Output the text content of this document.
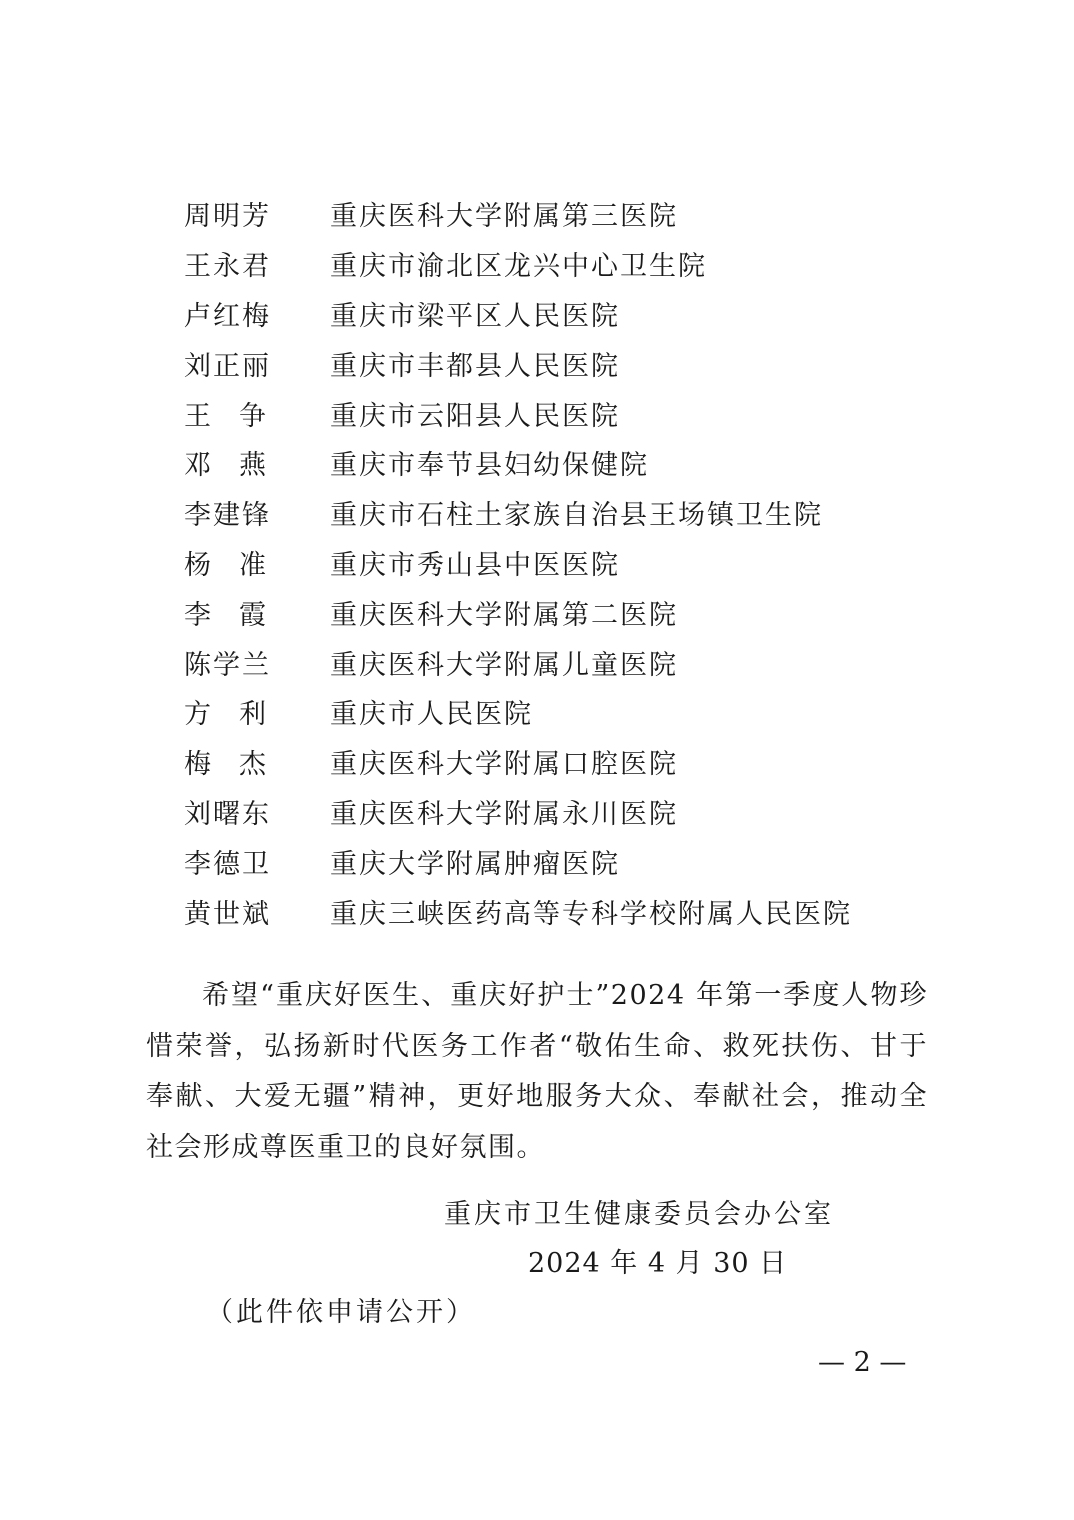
周明芳	重庆医科大学附属第三医院
王永君	重庆市渝北区龙兴中心卫生院
卢红梅	重庆市梁平区人民医院
刘正丽	重庆市丰都县人民医院
王 争 重庆市云阳县人民医院
邓 燕 重庆市奉节县妇幼保健院
李建锋	重庆市石柱土家族自治县王场镇卫生院
杨 准 重庆市秀山县中医医院
李 霞 重庆医科大学附属第二医院
陈学兰	重庆医科大学附属儿童医院
方 利 重庆市人民医院
梅 杰 重庆医科大学附属口腔医院
刘曙东	重庆医科大学附属永川医院
李德卫	重庆大学附属肿瘤医院
黄世斌	重庆三峡医药高等专科学校附属人民医院

希望“重庆好医生、重庆好护士”2024 年第一季度人物珍惜荣誉，弘扬新时代医务工作者“敬佑生命、救死扶伤、甘于奉献、大爱无疆”精神，更好地服务大众、奉献社会，推动全社会形成尊医重卫的良好氛围。

重庆市卫生健康委员会办公室
2024 年 4 月 30 日
（此件依申请公开）
— 2 —
